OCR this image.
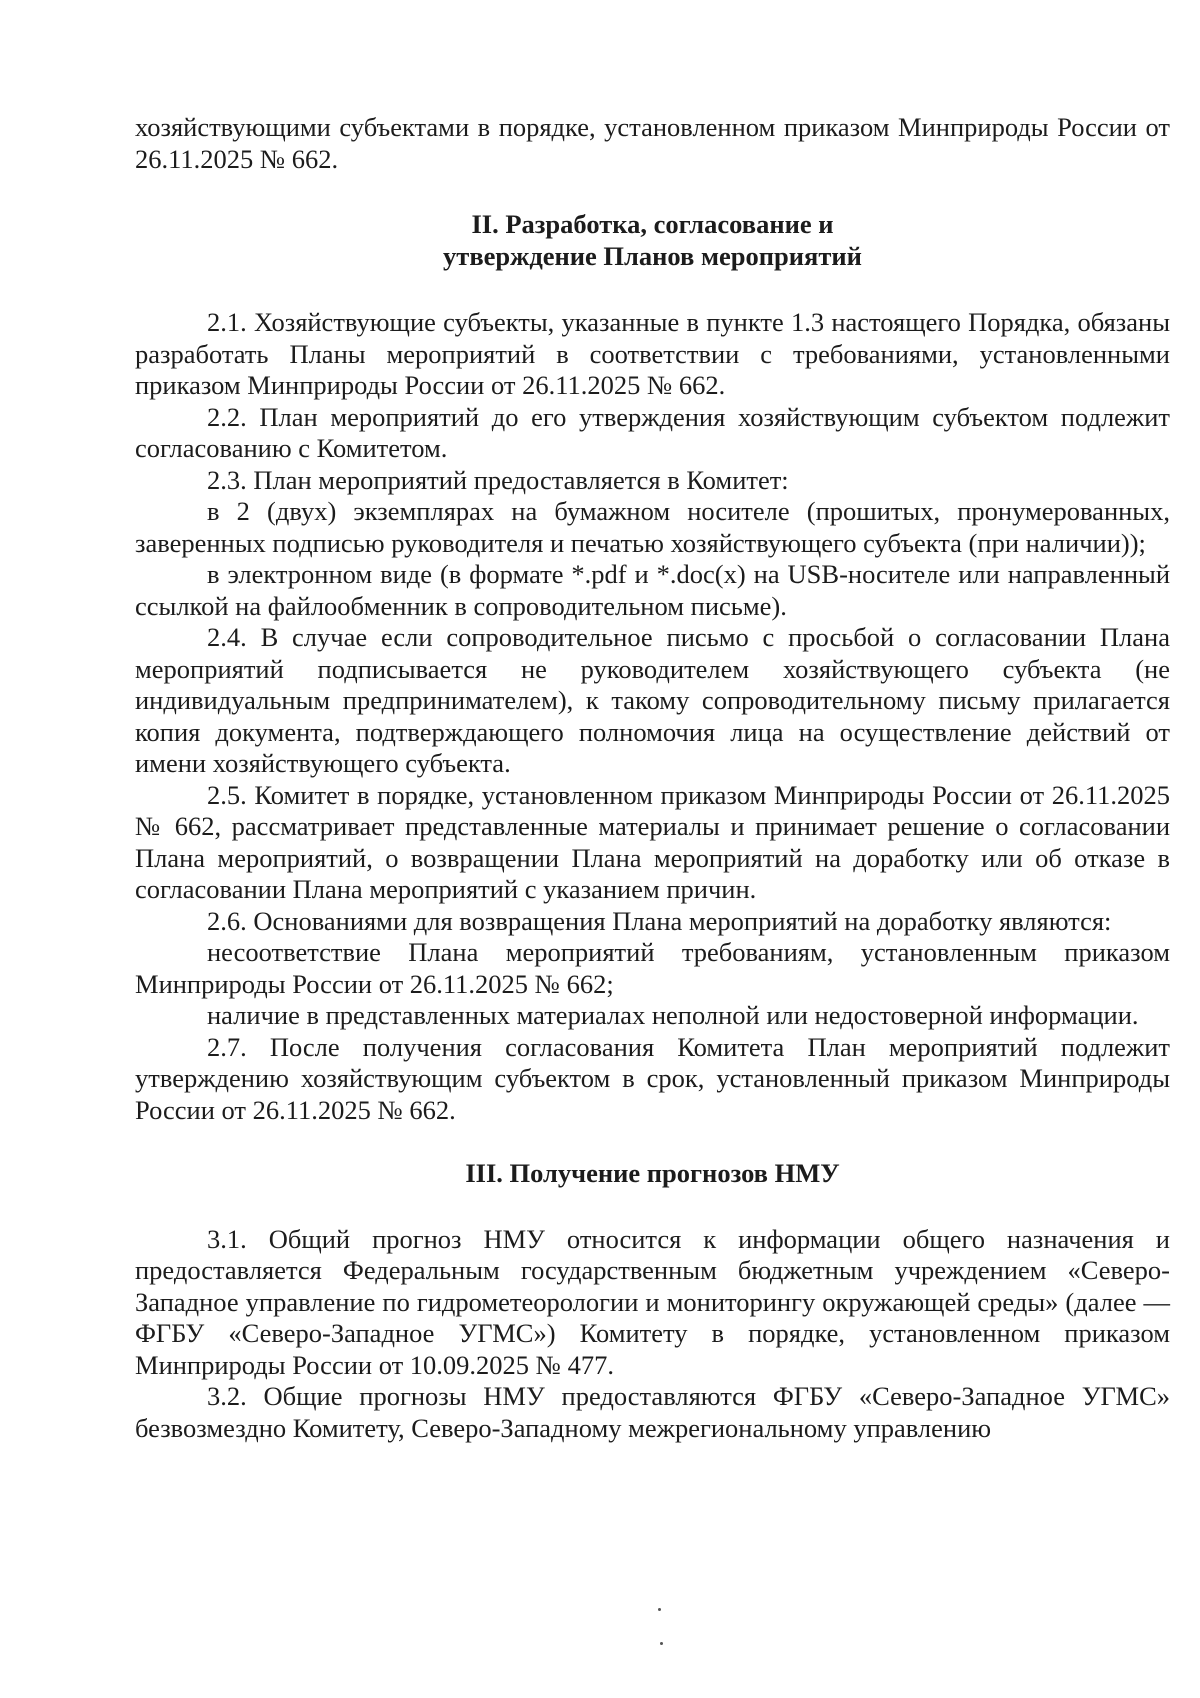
хозяйствующими субъектами в порядке, установленном приказом Минприроды России от 26.11.2025 № 662.

II. Разработка, согласование и
утверждение Планов мероприятий

2.1. Хозяйствующие субъекты, указанные в пункте 1.3 настоящего Порядка, обязаны разработать Планы мероприятий в соответствии с требованиями, установленными приказом Минприроды России от 26.11.2025 № 662.

2.2. План мероприятий до его утверждения хозяйствующим субъектом подлежит согласованию с Комитетом.

2.3. План мероприятий предоставляется в Комитет:

в 2 (двух) экземплярах на бумажном носителе (прошитых, пронумерованных, заверенных подписью руководителя и печатью хозяйствующего субъекта (при наличии));

в электронном виде (в формате *.pdf и *.doc(x) на USB-носителе или направленный ссылкой на файлообменник в сопроводительном письме).

2.4. В случае если сопроводительное письмо с просьбой о согласовании Плана мероприятий подписывается не руководителем хозяйствующего субъекта (не индивидуальным предпринимателем), к такому сопроводительному письму прилагается копия документа, подтверждающего полномочия лица на осуществление действий от имени хозяйствующего субъекта.

2.5. Комитет в порядке, установленном приказом Минприроды России от 26.11.2025 № 662, рассматривает представленные материалы и принимает решение о согласовании Плана мероприятий, о возвращении Плана мероприятий на доработку или об отказе в согласовании Плана мероприятий с указанием причин.

2.6. Основаниями для возвращения Плана мероприятий на доработку являются:

несоответствие Плана мероприятий требованиям, установленным приказом Минприроды России от 26.11.2025 № 662;

наличие в представленных материалах неполной или недостоверной информации.

2.7. После получения согласования Комитета План мероприятий подлежит утверждению хозяйствующим субъектом в срок, установленный приказом Минприроды России от 26.11.2025 № 662.

III. Получение прогнозов НМУ

3.1. Общий прогноз НМУ относится к информации общего назначения и предоставляется Федеральным государственным бюджетным учреждением «Северо-Западное управление по гидрометеорологии и мониторингу окружающей среды» (далее — ФГБУ «Северо-Западное УГМС») Комитету в порядке, установленном приказом Минприроды России от 10.09.2025 № 477.

3.2. Общие прогнозы НМУ предоставляются ФГБУ «Северо-Западное УГМС» безвозмездно Комитету, Северо-Западному межрегиональному управлению
